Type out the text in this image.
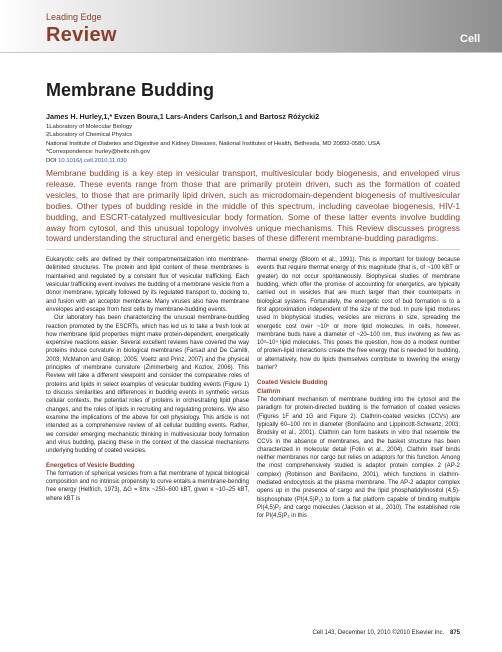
Leading Edge
Review	Cell
Membrane Budding
James H. Hurley,1,* Evzen Boura,1 Lars-Anders Carlson,1 and Bartosz Różycki2
1Laboratory of Molecular Biology
2Laboratory of Chemical Physics
National Institute of Diabetes and Digestive and Kidney Diseases, National Institutes of Health, Bethesda, MD 20892-0580, USA
*Correspondence: hurley@helix.nih.gov
DOI 10.1016/j.cell.2010.11.030

Membrane budding is a key step in vesicular transport, multivesicular body biogenesis, and enveloped virus release. These events range from those that are primarily protein driven, such as the formation of coated vesicles, to those that are primarily lipid driven, such as microdomain-dependent biogenesis of multivesicular bodies. Other types of budding reside in the middle of this spectrum, including caveolae biogenesis, HIV-1 budding, and ESCRT-catalyzed multivesicular body formation. Some of these latter events involve budding away from cytosol, and this unusual topology involves unique mechanisms. This Review discusses progress toward understanding the structural and energetic bases of these different membrane-budding paradigms.

Eukaryotic cells are defined by their compartmentalization into membrane-delimited structures. The protein and lipid content of these membranes is maintained and regulated by a constant flux of vesicular trafficking. Each vesicular trafficking event involves the budding of a membrane vesicle from a donor membrane, typically followed by its regulated transport to, docking to, and fusion with an acceptor membrane. Many viruses also have membrane envelopes and escape from host cells by membrane-budding events.

Our laboratory has been characterizing the unusual membrane-budding reaction promoted by the ESCRTs, which has led us to take a fresh look at how membrane lipid properties might make protein-dependent, energetically expensive reactions easier. Several excellent reviews have covered the way proteins induce curvature in biological membranes (Farsad and De Camilli, 2003; McMahon and Gallop, 2005; Voeltz and Prinz, 2007) and the physical principles of membrane curvature (Zimmerberg and Kozlov, 2006). This Review will take a different viewpoint and consider the comparative roles of proteins and lipids in select examples of vesicular budding events (Figure 1) to discuss similarities and differences in budding events in synthetic versus cellular contexts, the potential roles of proteins in orchestrating lipid phase changes, and the roles of lipids in recruiting and regulating proteins. We also examine the implications of the above for cell physiology. This article is not intended as a comprehensive review of all cellular budding events. Rather, we consider emerging mechanistic thinking in multivesicular body formation and virus budding, placing these in the context of the classical mechanisms underlying budding of coated vesicles.

Energetics of Vesicle Budding

The formation of spherical vesicles from a flat membrane of typical biological composition and no intrinsic propensity to curve entails a membrane-bending free energy (Helfrich, 1973), ΔG = 8πκ ~250–600 kBT, given κ ~10–25 kBT, where kBT is

thermal energy (Bloom et al., 1991). This is important for biology because events that require thermal energy of this magnitude (that is, of ~100 kBT or greater) do not occur spontaneously. Biophysical studies of membrane budding, which offer the promise of accounting for energetics, are typically carried out in vesicles that are much larger than their counterparts in biological systems. Fortunately, the energetic cost of bud formation is to a first approximation independent of the size of the bud. In pure lipid mixtures used in biophysical studies, vesicles are microns in size, spreading the energetic cost over ~10⁶ or more lipid molecules. In cells, however, membrane buds have a diameter of ~20–100 nm, thus involving as few as 10³–10⁴ lipid molecules. This poses the question, how do a modest number of protein-lipid interactions create the free energy that is needed for budding, or alternatively, how do lipids themselves contribute to lowering the energy barrier?

Coated Vesicle Budding
Clathrin

The dominant mechanism of membrane budding into the cytosol and the paradigm for protein-directed budding is the formation of coated vesicles (Figures 1F and 1G and Figure 2). Clathrin-coated vesicles (CCVs) are typically 60–100 nm in diameter (Bonifacino and Lippincott-Schwartz, 2003; Brodsky et al., 2001). Clathrin can form baskets in vitro that resemble the CCVs in the absence of membranes, and the basket structure has been characterized in molecular detail (Fotin et al., 2004). Clathrin itself binds neither membranes nor cargo but relies on adaptors for this function. Among the most comprehensively studied is adaptor protein complex 2 (AP-2 complex) (Robinson and Bonifacino, 2001), which functions in clathrin-mediated endocytosis at the plasma membrane. The AP-2 adaptor complex opens up in the presence of cargo and the lipid phosphatidylinositol (4,5)-bisphosphate (PI(4,5)P₂) to form a flat platform capable of binding multiple PI(4,5)P₂ and cargo molecules (Jackson et al., 2010). The established role for PI(4,5)P₂ in this

Cell 143, December 10, 2010 ©2010 Elsevier Inc. 875
